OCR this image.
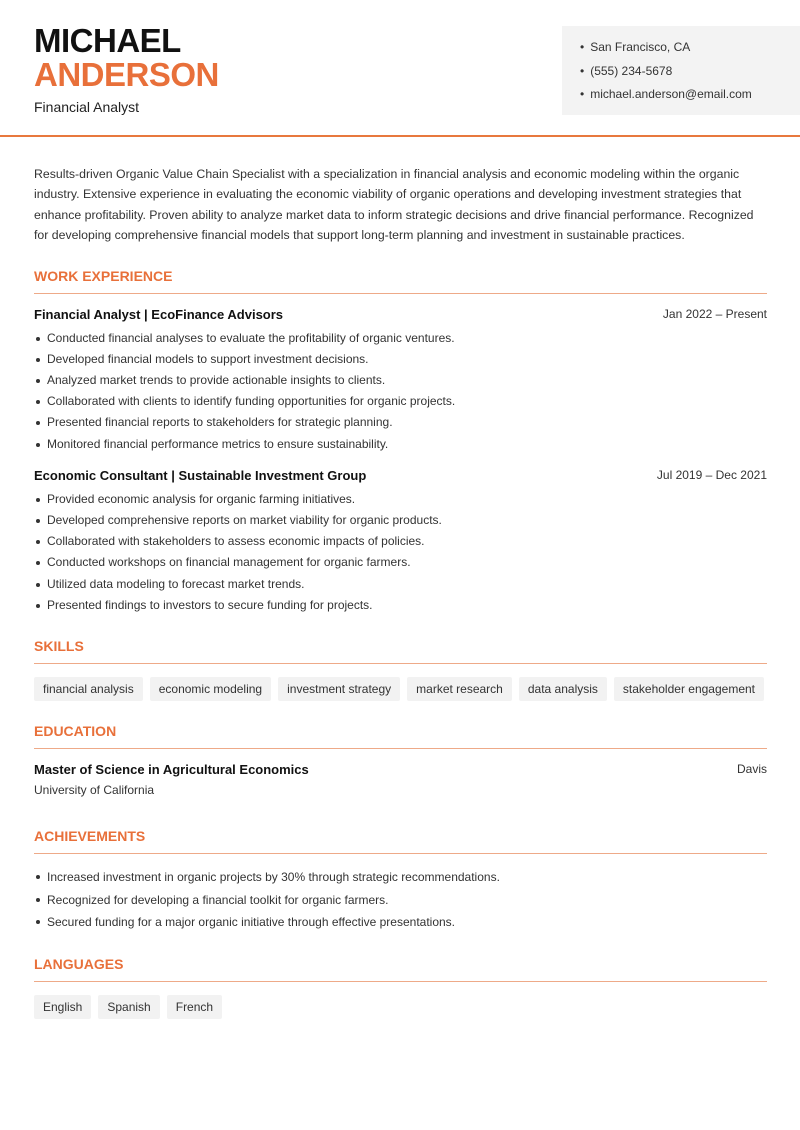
MICHAEL
ANDERSON
Financial Analyst
• San Francisco, CA
• (555) 234-5678
• michael.anderson@email.com

Results-driven Organic Value Chain Specialist with a specialization in financial analysis and economic modeling within the organic industry. Extensive experience in evaluating the economic viability of organic operations and developing investment strategies that enhance profitability. Proven ability to analyze market data to inform strategic decisions and drive financial performance. Recognized for developing comprehensive financial models that support long-term planning and investment in sustainable practices.

WORK EXPERIENCE
Financial Analyst | EcoFinance Advisors	Jan 2022 – Present
Conducted financial analyses to evaluate the profitability of organic ventures.
Developed financial models to support investment decisions.
Analyzed market trends to provide actionable insights to clients.
Collaborated with clients to identify funding opportunities for organic projects.
Presented financial reports to stakeholders for strategic planning.
Monitored financial performance metrics to ensure sustainability.
Economic Consultant | Sustainable Investment Group	Jul 2019 – Dec 2021
Provided economic analysis for organic farming initiatives.
Developed comprehensive reports on market viability for organic products.
Collaborated with stakeholders to assess economic impacts of policies.
Conducted workshops on financial management for organic farmers.
Utilized data modeling to forecast market trends.
Presented findings to investors to secure funding for projects.
SKILLS
financial analysis	economic modeling	investment strategy	market research	data analysis	stakeholder engagement
EDUCATION
Master of Science in Agricultural Economics	Davis
University of California
ACHIEVEMENTS
Increased investment in organic projects by 30% through strategic recommendations.
Recognized for developing a financial toolkit for organic farmers.
Secured funding for a major organic initiative through effective presentations.
LANGUAGES
English	Spanish	French
